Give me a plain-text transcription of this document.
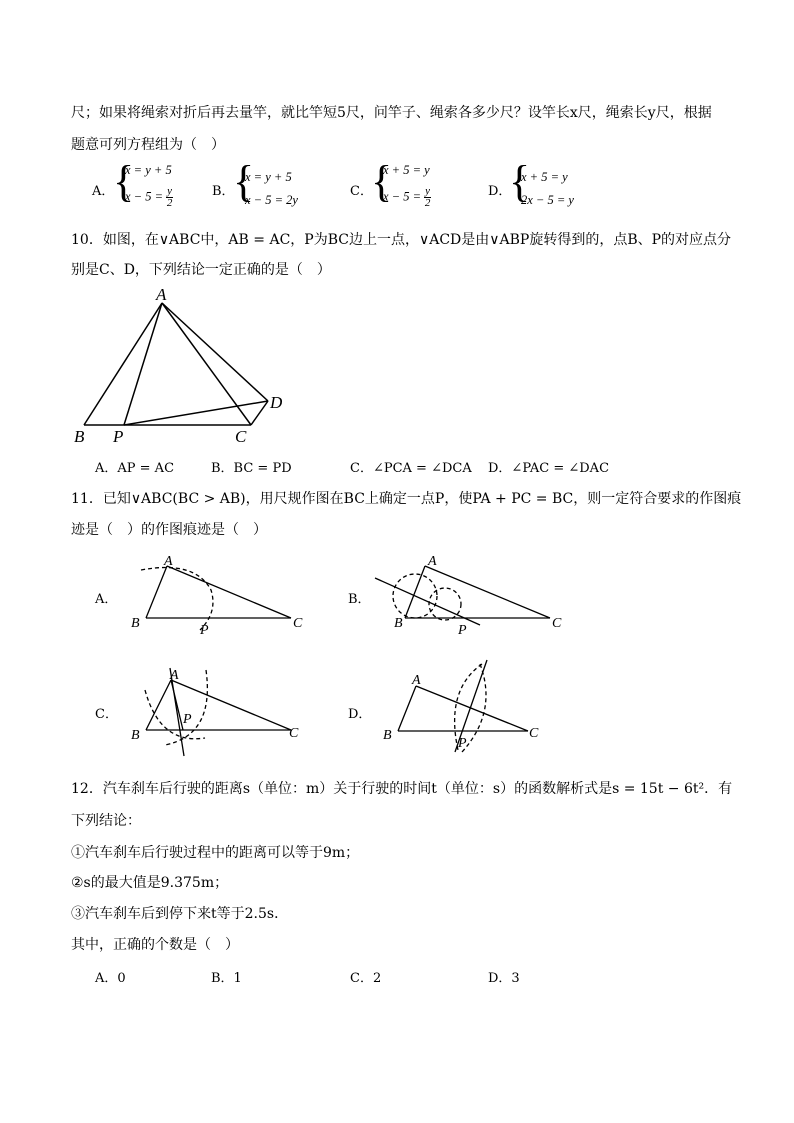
尺；如果将绳索对折后再去量竿，就比竿短5尺，问竿子、绳索各多少尺？设竿长x尺，绳索长y尺，根据
题意可列方程组为（　）
A．
{
x = y + 5
$x - 5 = \frac{y}{2}$	B．
{
x = y + 5
x − 5 = 2y
C．
{
x + 5 = y
$x - 5 = \frac{y}{2}$	D．
{
x + 5 = y
2x − 5 = y
10．如图，在∨ABC中，AB = AC，P为BC边上一点，∨ACD是由∨ABP旋转得到的，点B、P的对应点分
别是C、D，下列结论一定正确的是（　）
A
B P	C
D
A．AP = AC	B．BC = PD	C．∠PCA = ∠DCA D．∠PAC = ∠DAC
11．已知∨ABC(BC > AB)，用尺规作图在BC上确定一点P，使PA + PC = BC，则一定符合要求的作图痕
迹是（　）的作图痕迹是（　）
A．
A
B	P	C
B．
A
B	P	C
C．
A
B
P
C
D．
A
B
P
C
12．汽车刹车后行驶的距离s（单位：m）关于行驶的时间t（单位：s）的函数解析式是s = 15t − 6t²．有
下列结论：
①汽车刹车后行驶过程中的距离可以等于9m；
②s的最大值是9.375m；
③汽车刹车后到停下来t等于2.5s．
其中，正确的个数是（　）
A．0	B．1	C．2	D．3
